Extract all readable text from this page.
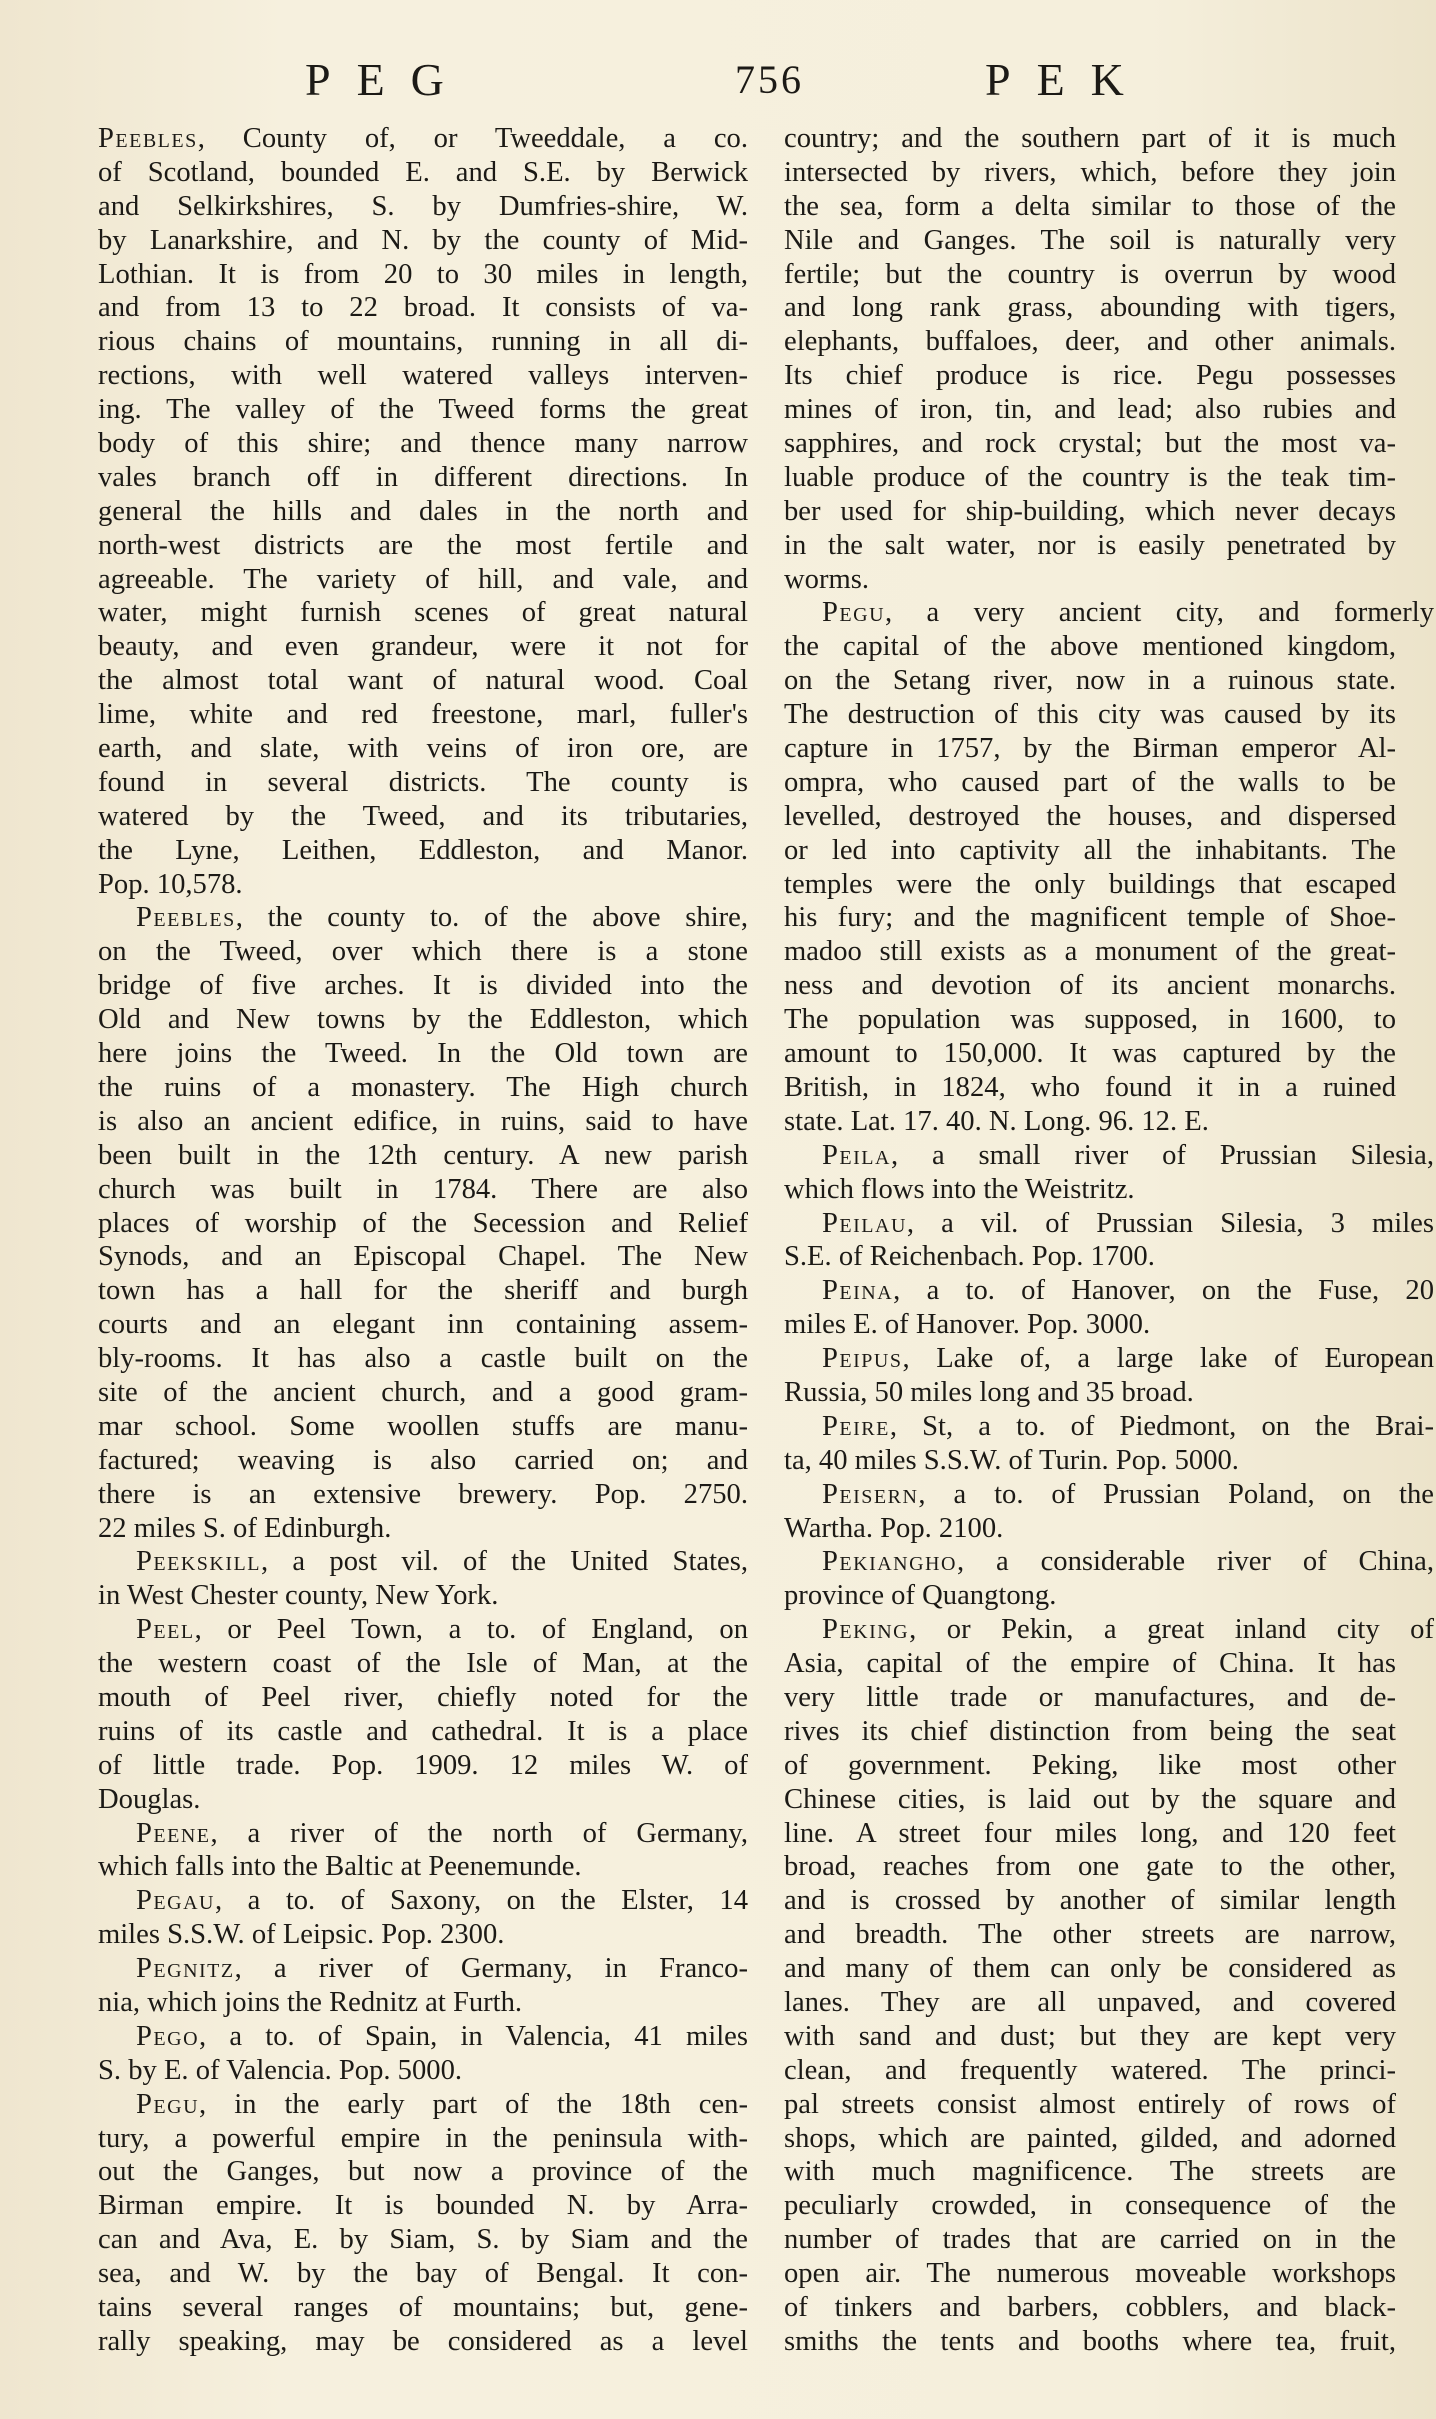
PEG	756	PEK
Peebles, County of, or Tweeddale, a co.
of Scotland, bounded E. and S.E. by Berwick
and Selkirkshires, S. by Dumfries-shire, W.
by Lanarkshire, and N. by the county of Mid-
Lothian. It is from 20 to 30 miles in length,
and from 13 to 22 broad. It consists of va-
rious chains of mountains, running in all di-
rections, with well watered valleys interven-
ing. The valley of the Tweed forms the great
body of this shire; and thence many narrow
vales branch off in different directions. In
general the hills and dales in the north and
north-west districts are the most fertile and
agreeable. The variety of hill, and vale, and
water, might furnish scenes of great natural
beauty, and even grandeur, were it not for
the almost total want of natural wood. Coal
lime, white and red freestone, marl, fuller's
earth, and slate, with veins of iron ore, are
found in several districts. The county is
watered by the Tweed, and its tributaries,
the Lyne, Leithen, Eddleston, and Manor.
Pop. 10,578.
Peebles, the county to. of the above shire,
on the Tweed, over which there is a stone
bridge of five arches. It is divided into the
Old and New towns by the Eddleston, which
here joins the Tweed. In the Old town are
the ruins of a monastery. The High church
is also an ancient edifice, in ruins, said to have
been built in the 12th century. A new parish
church was built in 1784. There are also
places of worship of the Secession and Relief
Synods, and an Episcopal Chapel. The New
town has a hall for the sheriff and burgh
courts and an elegant inn containing assem-
bly-rooms. It has also a castle built on the
site of the ancient church, and a good gram-
mar school. Some woollen stuffs are manu-
factured; weaving is also carried on; and
there is an extensive brewery. Pop. 2750.
22 miles S. of Edinburgh.
Peekskill, a post vil. of the United States,
in West Chester county, New York.
Peel, or Peel Town, a to. of England, on
the western coast of the Isle of Man, at the
mouth of Peel river, chiefly noted for the
ruins of its castle and cathedral. It is a place
of little trade. Pop. 1909. 12 miles W. of
Douglas.
Peene, a river of the north of Germany,
which falls into the Baltic at Peenemunde.
Pegau, a to. of Saxony, on the Elster, 14
miles S.S.W. of Leipsic. Pop. 2300.
Pegnitz, a river of Germany, in Franco-
nia, which joins the Rednitz at Furth.
Pego, a to. of Spain, in Valencia, 41 miles
S. by E. of Valencia. Pop. 5000.
Pegu, in the early part of the 18th cen-
tury, a powerful empire in the peninsula with-
out the Ganges, but now a province of the
Birman empire. It is bounded N. by Arra-
can and Ava, E. by Siam, S. by Siam and the
sea, and W. by the bay of Bengal. It con-
tains several ranges of mountains; but, gene-
rally speaking, may be considered as a level
country; and the southern part of it is much
intersected by rivers, which, before they join
the sea, form a delta similar to those of the
Nile and Ganges. The soil is naturally very
fertile; but the country is overrun by wood
and long rank grass, abounding with tigers,
elephants, buffaloes, deer, and other animals.
Its chief produce is rice. Pegu possesses
mines of iron, tin, and lead; also rubies and
sapphires, and rock crystal; but the most va-
luable produce of the country is the teak tim-
ber used for ship-building, which never decays
in the salt water, nor is easily penetrated by
worms.
Pegu, a very ancient city, and formerly
the capital of the above mentioned kingdom,
on the Setang river, now in a ruinous state.
The destruction of this city was caused by its
capture in 1757, by the Birman emperor Al-
ompra, who caused part of the walls to be
levelled, destroyed the houses, and dispersed
or led into captivity all the inhabitants. The
temples were the only buildings that escaped
his fury; and the magnificent temple of Shoe-
madoo still exists as a monument of the great-
ness and devotion of its ancient monarchs.
The population was supposed, in 1600, to
amount to 150,000. It was captured by the
British, in 1824, who found it in a ruined
state. Lat. 17. 40. N. Long. 96. 12. E.
Peila, a small river of Prussian Silesia,
which flows into the Weistritz.
Peilau, a vil. of Prussian Silesia, 3 miles
S.E. of Reichenbach. Pop. 1700.
Peina, a to. of Hanover, on the Fuse, 20
miles E. of Hanover. Pop. 3000.
Peipus, Lake of, a large lake of European
Russia, 50 miles long and 35 broad.
Peire, St, a to. of Piedmont, on the Brai-
ta, 40 miles S.S.W. of Turin. Pop. 5000.
Peisern, a to. of Prussian Poland, on the
Wartha. Pop. 2100.
Pekiangho, a considerable river of China,
province of Quangtong.
Peking, or Pekin, a great inland city of
Asia, capital of the empire of China. It has
very little trade or manufactures, and de-
rives its chief distinction from being the seat
of government. Peking, like most other
Chinese cities, is laid out by the square and
line. A street four miles long, and 120 feet
broad, reaches from one gate to the other,
and is crossed by another of similar length
and breadth. The other streets are narrow,
and many of them can only be considered as
lanes. They are all unpaved, and covered
with sand and dust; but they are kept very
clean, and frequently watered. The princi-
pal streets consist almost entirely of rows of
shops, which are painted, gilded, and adorned
with much magnificence. The streets are
peculiarly crowded, in consequence of the
number of trades that are carried on in the
open air. The numerous moveable workshops
of tinkers and barbers, cobblers, and black-
smiths the tents and booths where tea, fruit,
